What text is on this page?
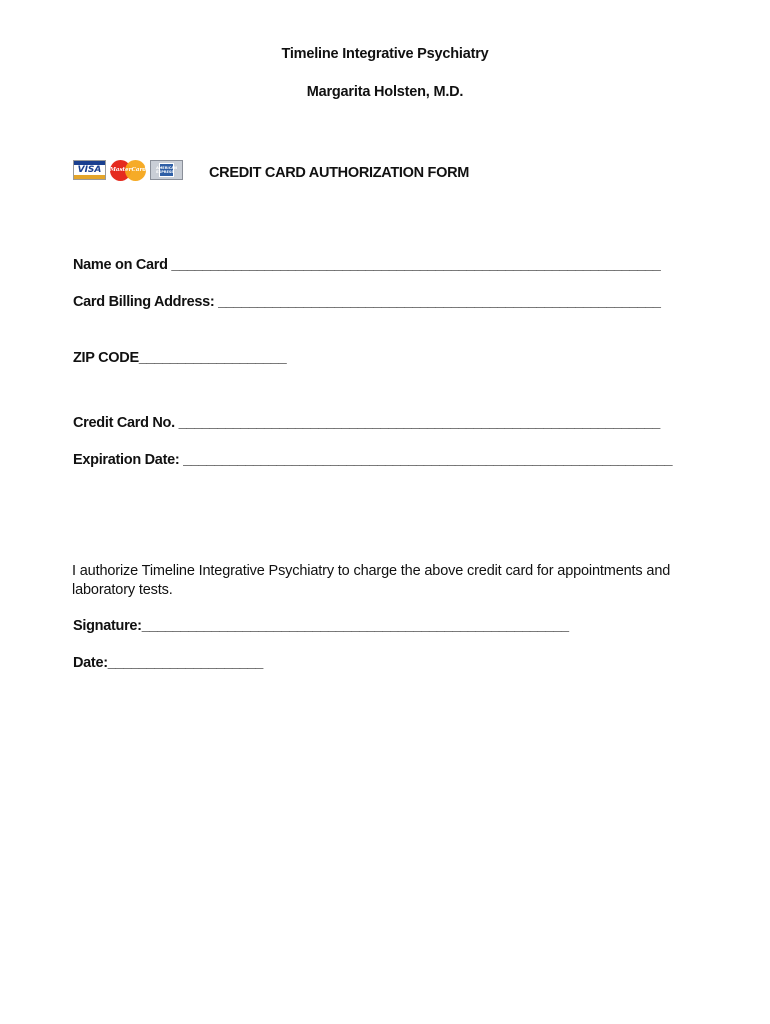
Timeline Integrative Psychiatry
Margarita Holsten, M.D.
VISA MasterCard	AMERICAN EXPRESS CREDIT CARD AUTHORIZATION FORM
Name on Card _______________________________________________________________
Card Billing Address: _________________________________________________________
ZIP CODE___________________
Credit Card No. ______________________________________________________________
Expiration Date: _______________________________________________________________
I authorize Timeline Integrative Psychiatry to charge the above credit card for appointments and laboratory tests.
Signature:_______________________________________________________
Date:____________________
